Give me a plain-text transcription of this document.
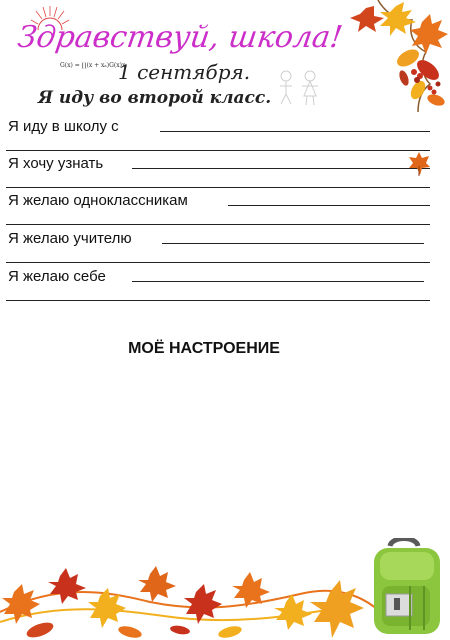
Здравствуй, школа!
G(x) = ∏(x + xₐ)G(x)xₗ
1 сентября.
Я иду во второй класс.
Я иду в школу с
Я хочу узнать
Я желаю одноклассникам
Я желаю учителю
Я желаю себе
МОЁ НАСТРОЕНИЕ
